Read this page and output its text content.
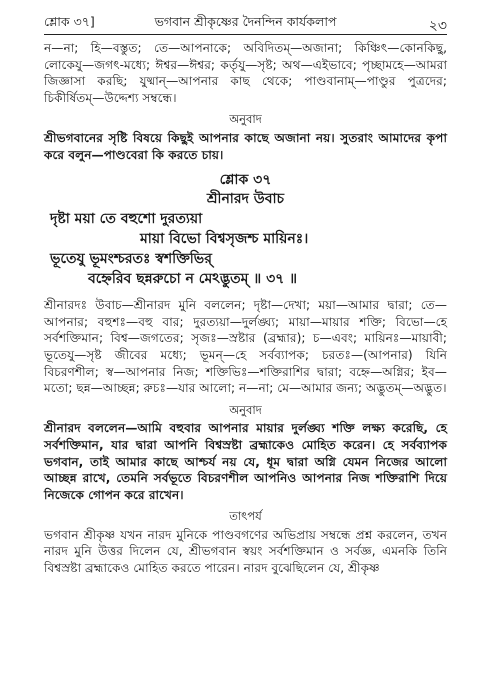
শ্লোক ৩৭]	ভগবান শ্রীকৃষ্ণের দৈনন্দিন কার্যকলাপ	২৩

ন—না; হি—বস্তুত; তে—আপনাকে; অবিদিতম্—অজানা; কিঞ্চিৎ—কোনকিছু, লোকেযু—জগৎ-মধ্যে; ঈশ্বর—ঈশ্বর; কর্তৃযু—সৃষ্ট; অথ—এইভাবে; পৃচ্ছামহে—আমরা জিজ্ঞাসা করছি; যুষ্মান্—আপনার কাছ থেকে; পাণ্ডবানাম্—পাণ্ডুর পুত্রদের; চিকীর্ষিতম্—উদ্দেশ্য সম্বন্ধে।

অনুবাদ

শ্রীভগবানের সৃষ্টি বিষয়ে কিছুই আপনার কাছে অজানা নয়। সুতরাং আমাদের কৃপা করে বলুন—পাণ্ডবেরা কি করতে চায়।

শ্লোক ৩৭
শ্রীনারদ উবাচ
দৃষ্টা ময়া তে বহুশো দুরত্যয়া
মায়া বিভো বিশ্বসৃজশ্চ মায়িনঃ।
ভূতেযু ভূমংশ্চরতঃ স্বশক্তিভির্
বহ্নেরিব ছন্নরুচো ন মেঽদ্ভুতম্ ॥ ৩৭ ॥

শ্রীনারদঃ উবাচ—শ্রীনারদ মুনি বললেন; দৃষ্টা—দেখা; ময়া—আমার দ্বারা; তে—আপনার; বহুশঃ—বহু বার; দুরত্যয়া—দুর্লঙ্ঘ্য; মায়া—মায়ার শক্তি; বিভো—হে সর্বশক্তিমান; বিশ্ব—জগতের; সৃজঃ—স্রষ্টার (ব্রহ্মার); চ—এবং; মায়িনঃ—মায়াবী; ভূতেযু—সৃষ্ট জীবের মধ্যে; ভূমন্—হে সর্বব্যাপক; চরতঃ—(আপনার) যিনি বিচরণশীল; স্ব—আপনার নিজ; শক্তিভিঃ—শক্তিরাশির দ্বারা; বহ্নে—অগ্নির; ইব—মতো; ছন্ন—আচ্ছন্ন; রুচঃ—যার আলো; ন—না; মে—আমার জন্য; অদ্ভুতম্—অদ্ভুত।

অনুবাদ

শ্রীনারদ বললেন—আমি বহুবার আপনার মায়ার দুর্লঙ্ঘ্য শক্তি লক্ষ্য করেছি, হে সর্বশক্তিমান, যার দ্বারা আপনি বিশ্বস্রষ্টা ব্রহ্মাকেও মোহিত করেন। হে সর্বব্যাপক ভগবান, তাই আমার কাছে আশ্চর্য নয় যে, ধূম দ্বারা অগ্নি যেমন নিজের আলো আচ্ছন্ন রাখে, তেমনি সর্বভূতে বিচরণশীল আপনিও আপনার নিজ শক্তিরাশি দিয়ে নিজেকে গোপন করে রাখেন।

তাৎপর্য

ভগবান শ্রীকৃষ্ণ যখন নারদ মুনিকে পাণ্ডবগণের অভিপ্রায় সম্বন্ধে প্রশ্ন করলেন, তখন নারদ মুনি উত্তর দিলেন যে, শ্রীভগবান স্বয়ং সর্বশক্তিমান ও সর্বজ্ঞ, এমনকি তিনি বিশ্বস্রষ্টা ব্রহ্মাকেও মোহিত করতে পারেন। নারদ বুঝেছিলেন যে, শ্রীকৃষ্ণ
